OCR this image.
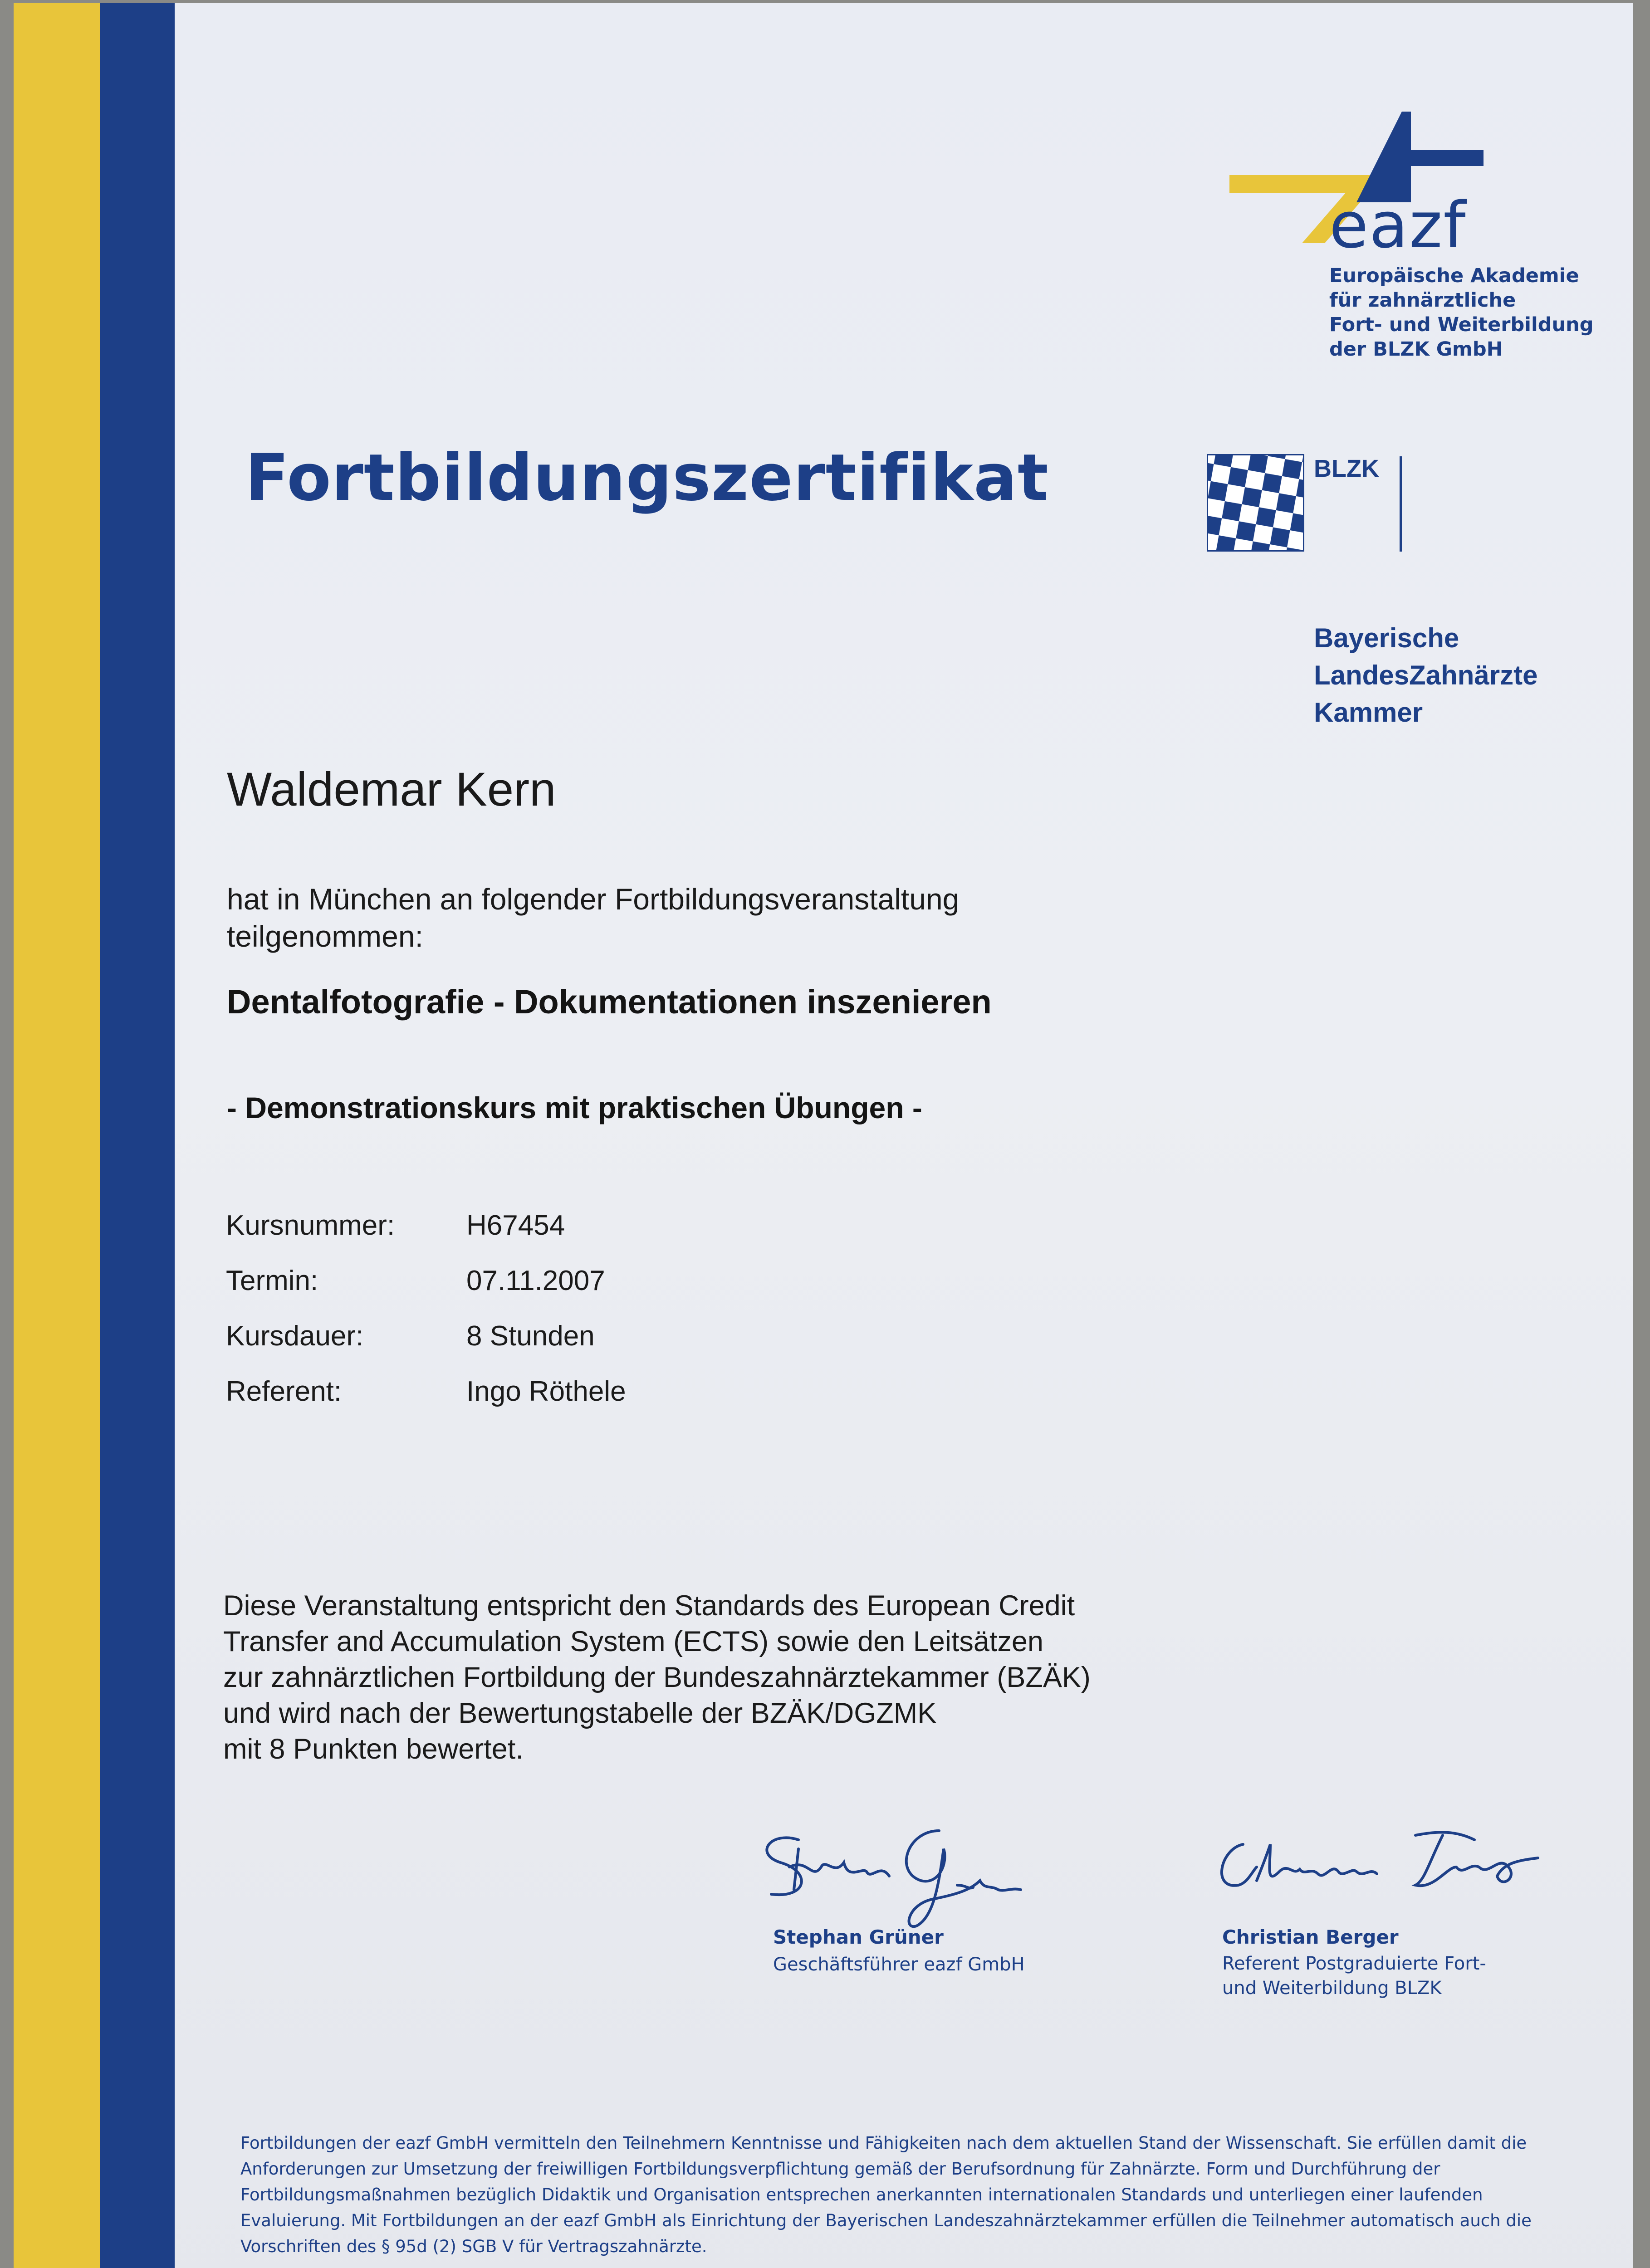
eazf
Europäische Akademie
für zahnärztliche
Fort- und Weiterbildung
der BLZK GmbH
Fortbildungszertifikat	BLZK
Bayerische
LandesZahnärzte
Kammer
Waldemar Kern
hat in München an folgender Fortbildungsveranstaltung
teilgenommen:
Dentalfotografie - Dokumentationen inszenieren
- Demonstrationskurs mit praktischen Übungen -
Kursnummer:	H67454
Termin:	07.11.2007
Kursdauer:	8 Stunden
Referent:	Ingo Röthele
Diese Veranstaltung entspricht den Standards des European Credit
Transfer and Accumulation System (ECTS) sowie den Leitsätzen
zur zahnärztlichen Fortbildung der Bundeszahnärztekammer (BZÄK)
und wird nach der Bewertungstabelle der BZÄK/DGZMK
mit 8 Punkten bewertet.
Stephan Grüner
Geschäftsführer eazf GmbH
Christian Berger
Referent Postgraduierte Fort-
und Weiterbildung BLZK
Fortbildungen der eazf GmbH vermitteln den Teilnehmern Kenntnisse und Fähigkeiten nach dem aktuellen Stand der Wissenschaft. Sie erfüllen damit die
Anforderungen zur Umsetzung der freiwilligen Fortbildungsverpflichtung gemäß der Berufsordnung für Zahnärzte. Form und Durchführung der
Fortbildungsmaßnahmen bezüglich Didaktik und Organisation entsprechen anerkannten internationalen Standards und unterliegen einer laufenden
Evaluierung. Mit Fortbildungen an der eazf GmbH als Einrichtung der Bayerischen Landeszahnärztekammer erfüllen die Teilnehmer automatisch auch die
Vorschriften des § 95d (2) SGB V für Vertragszahnärzte.
